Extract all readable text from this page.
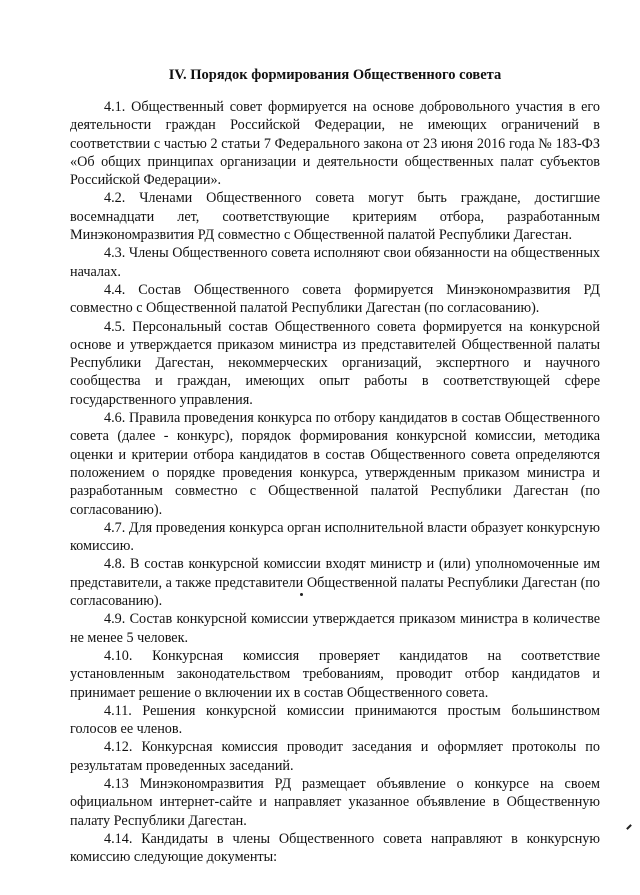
IV. Порядок формирования Общественного совета

4.1. Общественный совет формируется на основе добровольного участия в его деятельности граждан Российской Федерации, не имеющих ограничений в соответствии с частью 2 статьи 7 Федерального закона от 23 июня 2016 года № 183-ФЗ «Об общих принципах организации и деятельности общественных палат субъектов Российской Федерации».

4.2. Членами Общественного совета могут быть граждане, достигшие восемнадцати лет, соответствующие критериям отбора, разработанным Минэкономразвития РД совместно с Общественной палатой Республики Дагестан.

4.3. Члены Общественного совета исполняют свои обязанности на общественных началах.

4.4. Состав Общественного совета формируется Минэкономразвития РД совместно с Общественной палатой Республики Дагестан (по согласованию).

4.5. Персональный состав Общественного совета формируется на конкурсной основе и утверждается приказом министра из представителей Общественной палаты Республики Дагестан, некоммерческих организаций, экспертного и научного сообщества и граждан, имеющих опыт работы в соответствующей сфере государственного управления.

4.6. Правила проведения конкурса по отбору кандидатов в состав Общественного совета (далее - конкурс), порядок формирования конкурсной комиссии, методика оценки и критерии отбора кандидатов в состав Общественного совета определяются положением о порядке проведения конкурса, утвержденным приказом министра и разработанным совместно с Общественной палатой Республики Дагестан (по согласованию).

4.7. Для проведения конкурса орган исполнительной власти образует конкурсную комиссию.

4.8. В состав конкурсной комиссии входят министр и (или) уполномоченные им представители, а также представители Общественной палаты Республики Дагестан (по согласованию).

4.9. Состав конкурсной комиссии утверждается приказом министра в количестве не менее 5 человек.

4.10. Конкурсная комиссия проверяет кандидатов на соответствие установленным законодательством требованиям, проводит отбор кандидатов и принимает решение о включении их в состав Общественного совета.

4.11. Решения конкурсной комиссии принимаются простым большинством голосов ее членов.

4.12. Конкурсная комиссия проводит заседания и оформляет протоколы по результатам проведенных заседаний.

4.13 Минэкономразвития РД размещает объявление о конкурсе на своем официальном интернет-сайте и направляет указанное объявление в Общественную палату Республики Дагестан.

4.14. Кандидаты в члены Общественного совета направляют в конкурсную комиссию следующие документы:
